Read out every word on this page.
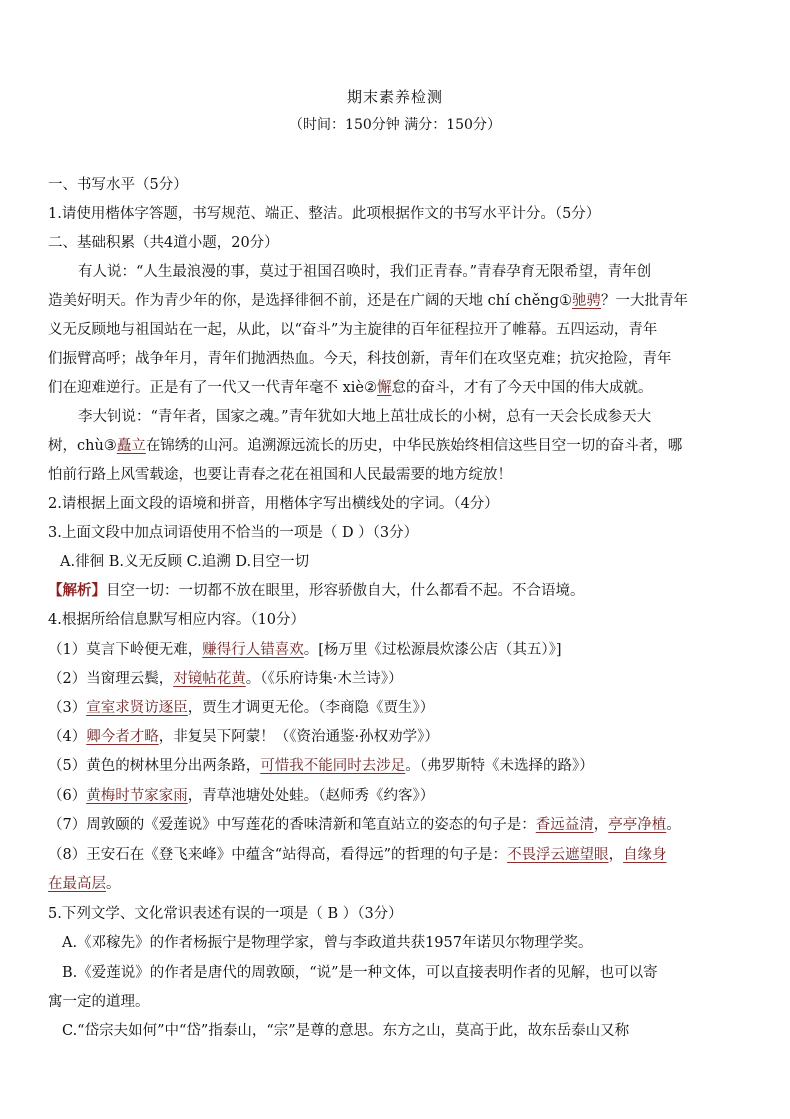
期末素养检测
（时间：150分钟 满分：150分）
一、书写水平（5分）
1.请使用楷体字答题，书写规范、端正、整洁。此项根据作文的书写水平计分。（5分）
二、基础积累（共4道小题，20分）
有人说：“人生最浪漫的事，莫过于祖国召唤时，我们正青春。”青春孕育无限希望，青年创
造美好明天。作为青少年的你，是选择徘徊不前，还是在广阔的天地 chí chěng①驰骋？一大批青年
义无反顾地与祖国站在一起，从此，以“奋斗”为主旋律的百年征程拉开了帷幕。五四运动，青年
们振臂高呼；战争年月，青年们抛洒热血。今天，科技创新，青年们在攻坚克难；抗灾抢险，青年
们在迎难逆行。正是有了一代又一代青年毫不 xiè②懈怠的奋斗，才有了今天中国的伟大成就。
李大钊说：“青年者，国家之魂。”青年犹如大地上茁壮成长的小树，总有一天会长成参天大
树，chù③矗立在锦绣的山河。追溯源远流长的历史，中华民族始终相信这些目空一切的奋斗者，哪
怕前行路上风雪载途，也要让青春之花在祖国和人民最需要的地方绽放！
2.请根据上面文段的语境和拼音，用楷体字写出横线处的字词。（4分）
3.上面文段中加点词语使用不恰当的一项是（ D ）（3分）
A.徘徊 B.义无反顾 C.追溯 D.目空一切
【解析】目空一切：一切都不放在眼里，形容骄傲自大，什么都看不起。不合语境。
4.根据所给信息默写相应内容。（10分）
（1）莫言下岭便无难，赚得行人错喜欢。[杨万里《过松源晨炊漆公店（其五）》]
（2）当窗理云鬓，对镜帖花黄。（《乐府诗集·木兰诗》）
（3）宣室求贤访逐臣，贾生才调更无伦。（李商隐《贾生》）
（4）卿今者才略，非复吴下阿蒙！（《资治通鉴·孙权劝学》）
（5）黄色的树林里分出两条路，可惜我不能同时去涉足。（弗罗斯特《未选择的路》）
（6）黄梅时节家家雨，青草池塘处处蛙。（赵师秀《约客》）
（7）周敦颐的《爱莲说》中写莲花的香味清新和笔直站立的姿态的句子是：香远益清，亭亭净植。
（8）王安石在《登飞来峰》中蕴含“站得高，看得远”的哲理的句子是：不畏浮云遮望眼，自缘身
在最高层。
5.下列文学、文化常识表述有误的一项是（ B ）（3分）
A.《邓稼先》的作者杨振宁是物理学家，曾与李政道共获1957年诺贝尔物理学奖。
B.《爱莲说》的作者是唐代的周敦颐，“说”是一种文体，可以直接表明作者的见解，也可以寄
寓一定的道理。
C.“岱宗夫如何”中“岱”指泰山，“宗”是尊的意思。东方之山，莫高于此，故东岳泰山又称
